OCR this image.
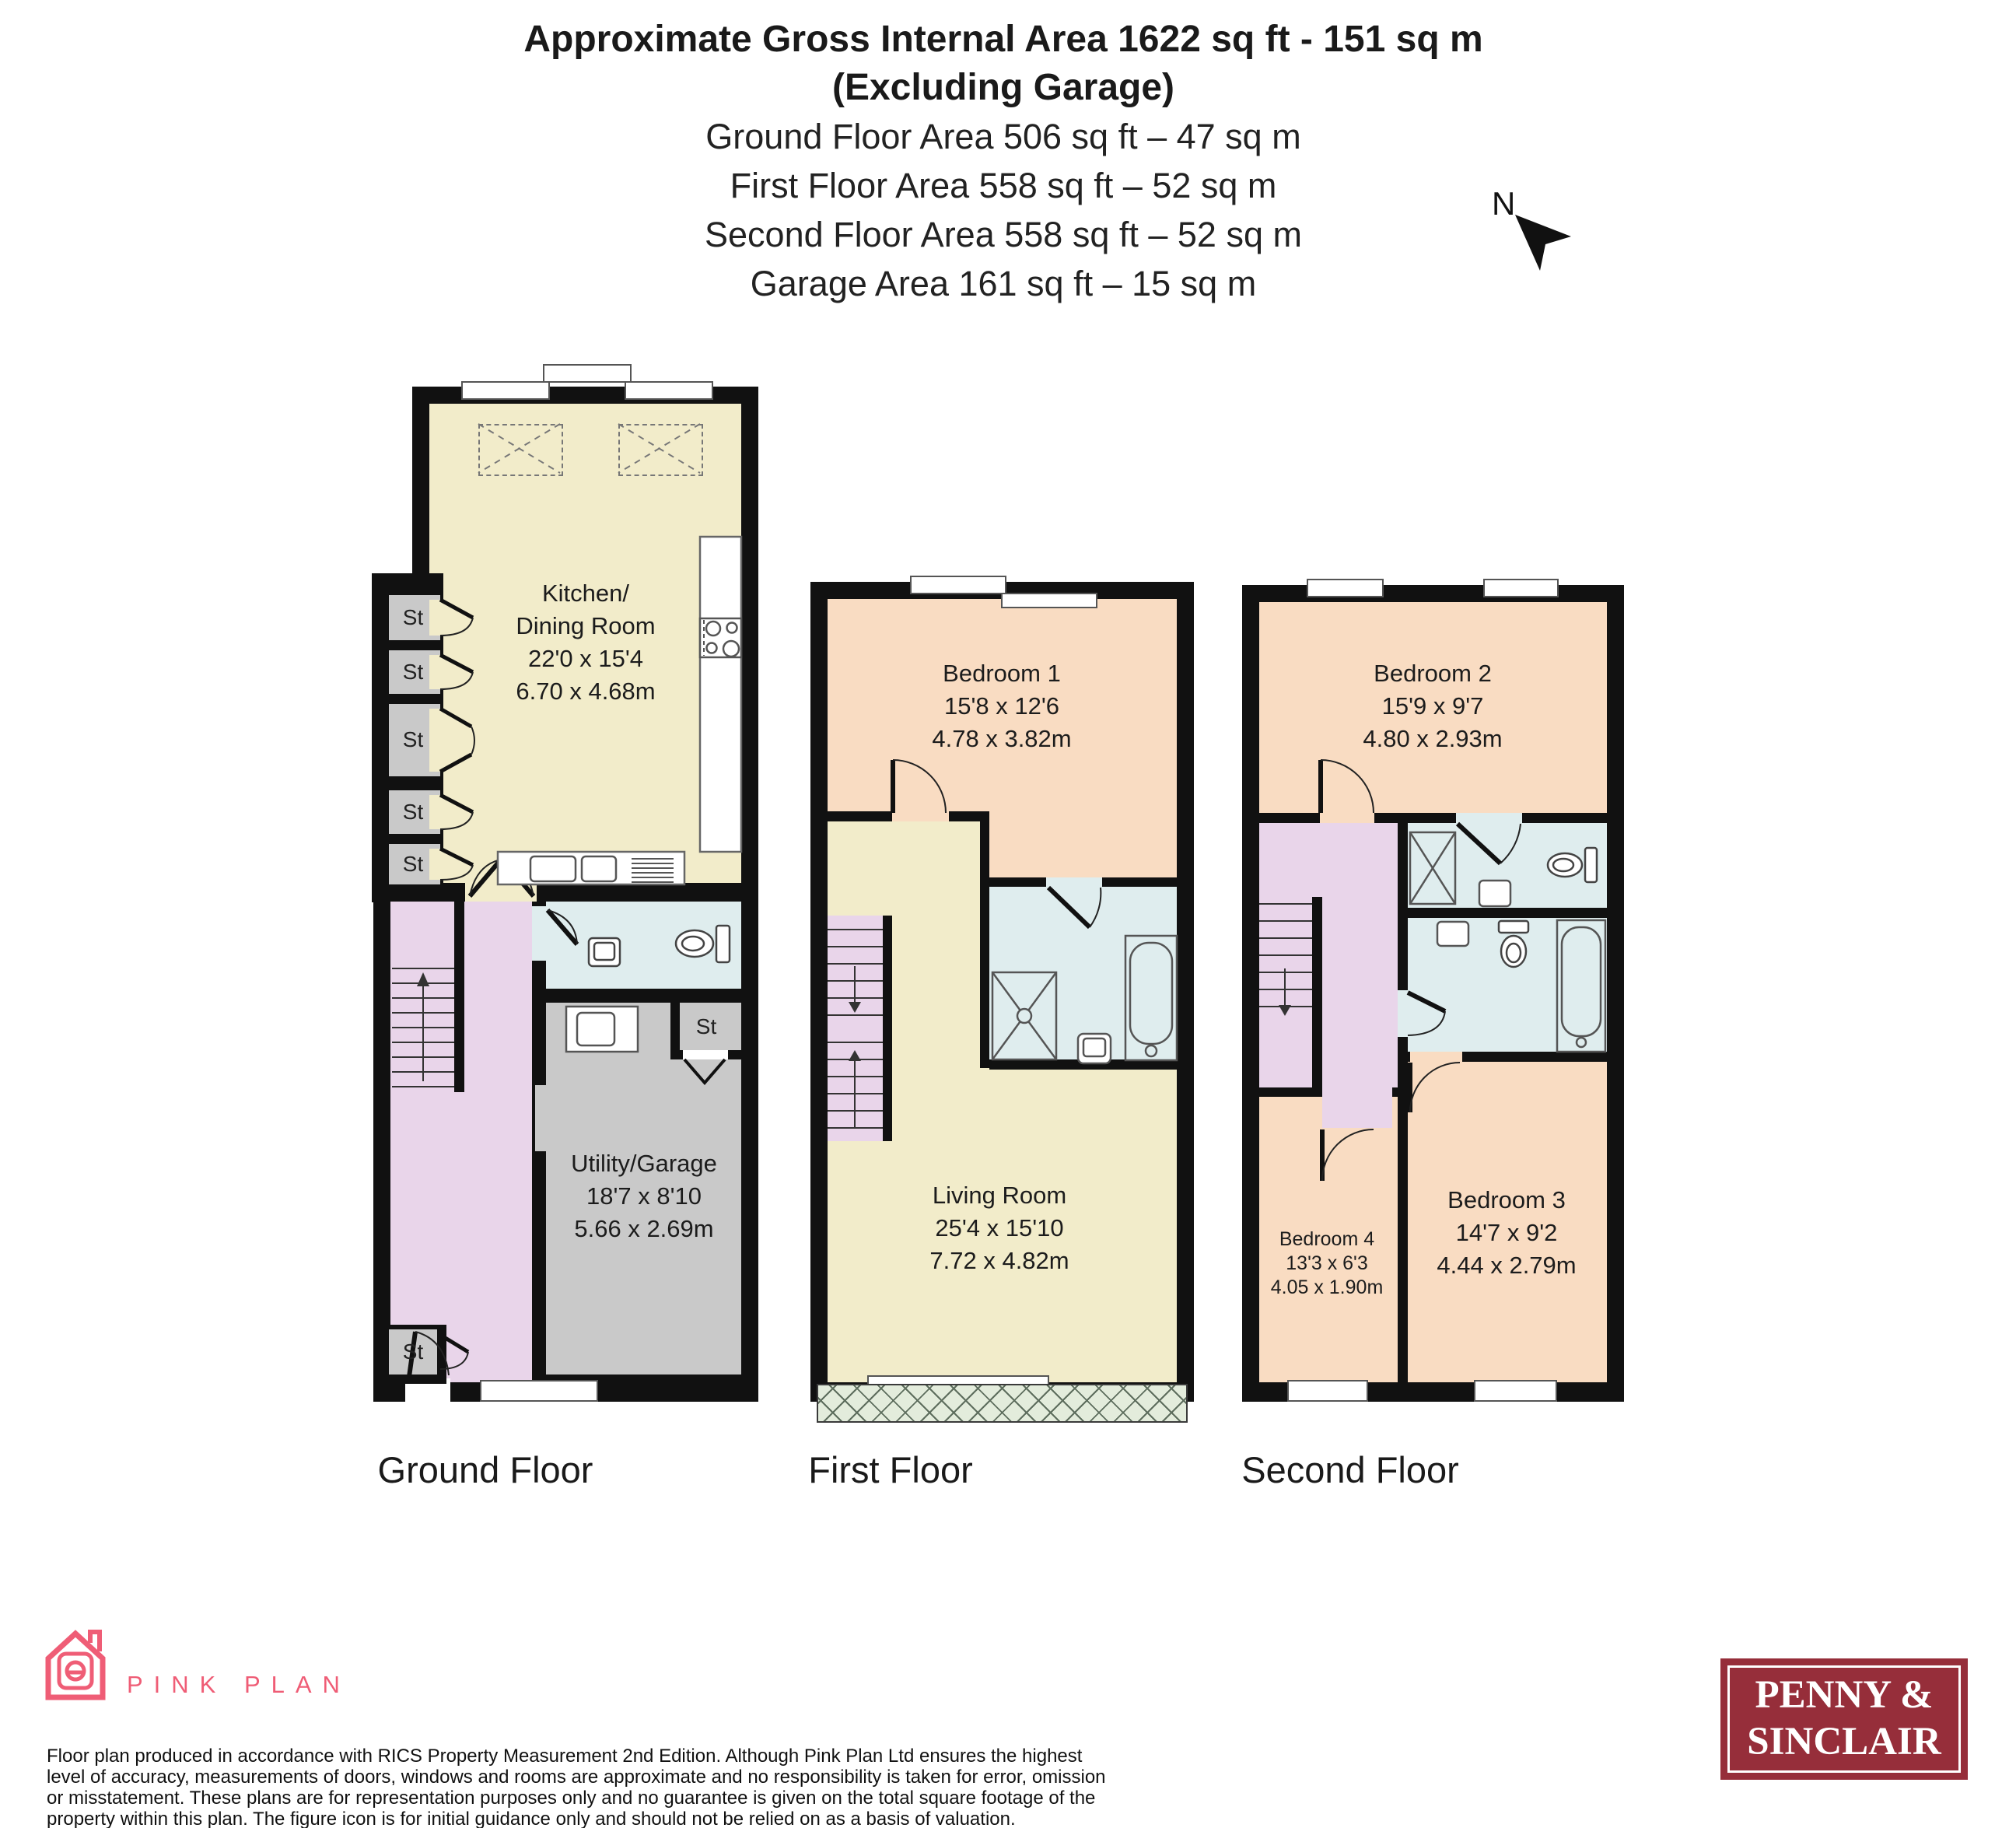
Approximate Gross Internal Area 1622 sq ft - 151 sq m
(Excluding Garage)
Ground Floor Area 506 sq ft – 47 sq m
First Floor Area 558 sq ft – 52 sq m
Second Floor Area 558 sq ft – 52 sq m
Garage Area 161 sq ft – 15 sq m
N
Kitchen/
Dining Room
22'0 x 15'4
6.70 x 4.68m
Utility/Garage
18'7 x 8'10
5.66 x 2.69m
Bedroom 1
15'8 x 12'6
4.78 x 3.82m
Living Room
25'4 x 15'10
7.72 x 4.82m
Bedroom 2
15'9 x 9'7
4.80 x 2.93m
Bedroom 3
14'7 x 9'2
4.44 x 2.79m
Bedroom 4
13'3 x 6'3
4.05 x 1.90m
St
St
St
St
St
St
St
Ground Floor	First Floor	Second Floor
PINK PLAN
Floor plan produced in accordance with RICS Property Measurement 2nd Edition. Although Pink Plan Ltd ensures the highest
level of accuracy, measurements of doors, windows and rooms are approximate and no responsibility is taken for error, omission
or misstatement. These plans are for representation purposes only and no guarantee is given on the total square footage of the
property within this plan. The figure icon is for initial guidance only and should not be relied on as a basis of valuation.
PENNY &
SINCLAIR
